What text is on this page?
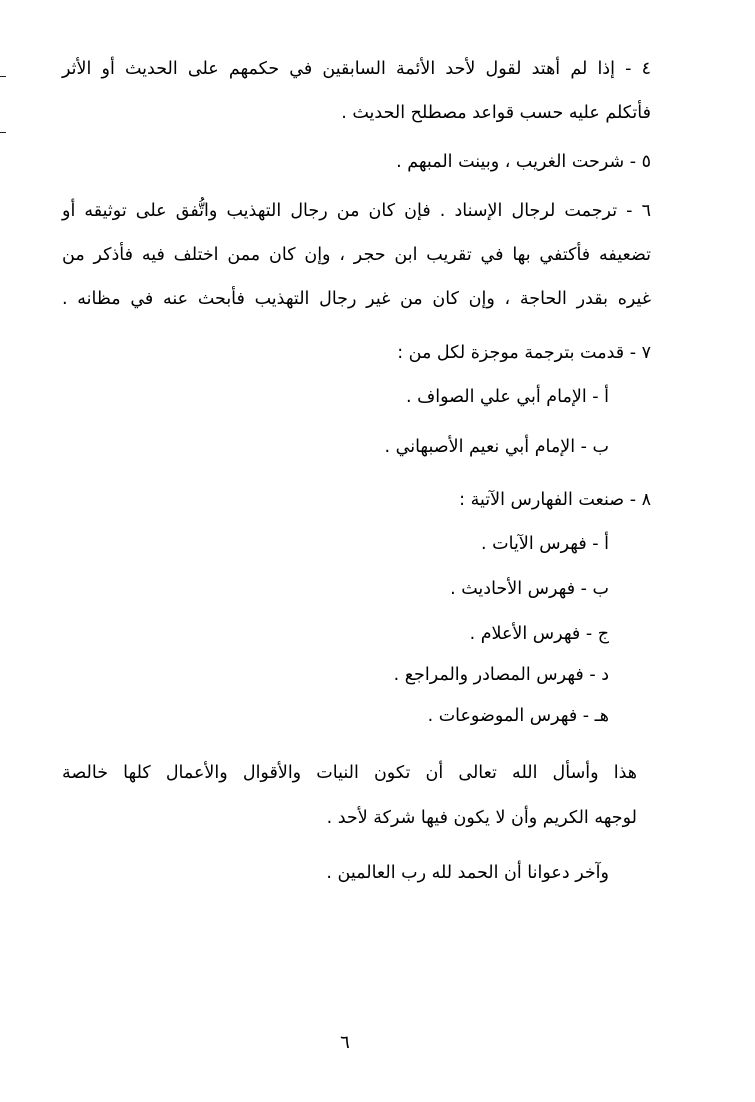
٤ - إذا لم أهتد لقول لأحد الأئمة السابقين في حكمهم على الحديث أو الأثر
فأتكلم عليه حسب قواعد مصطلح الحديث .
٥ - شرحت الغريب ، وبينت المبهم .
٦ - ترجمت لرجال الإسناد . فإن كان من رجال التهذيب واتُّفق على توثيقه أو
تضعيفه فأكتفي بها في تقريب ابن حجر ، وإن كان ممن اختلف فيه فأذكر من
غيره بقدر الحاجة ، وإن كان من غير رجال التهذيب فأبحث عنه في مظانه .
٧ - قدمت بترجمة موجزة لكل من :
أ - الإمام أبي علي الصواف .
ب - الإمام أبي نعيم الأصبهاني .
٨ - صنعت الفهارس الآتية :
أ - فهرس الآيات .
ب - فهرس الأحاديث .
ج - فهرس الأعلام .
د - فهرس المصادر والمراجع .
هـ - فهرس الموضوعات .
هذا وأسأل الله تعالى أن تكون النيات والأقوال والأعمال كلها خالصة
لوجهه الكريم وأن لا يكون فيها شركة لأحد .
وآخر دعوانا أن الحمد لله رب العالمين .
٦
